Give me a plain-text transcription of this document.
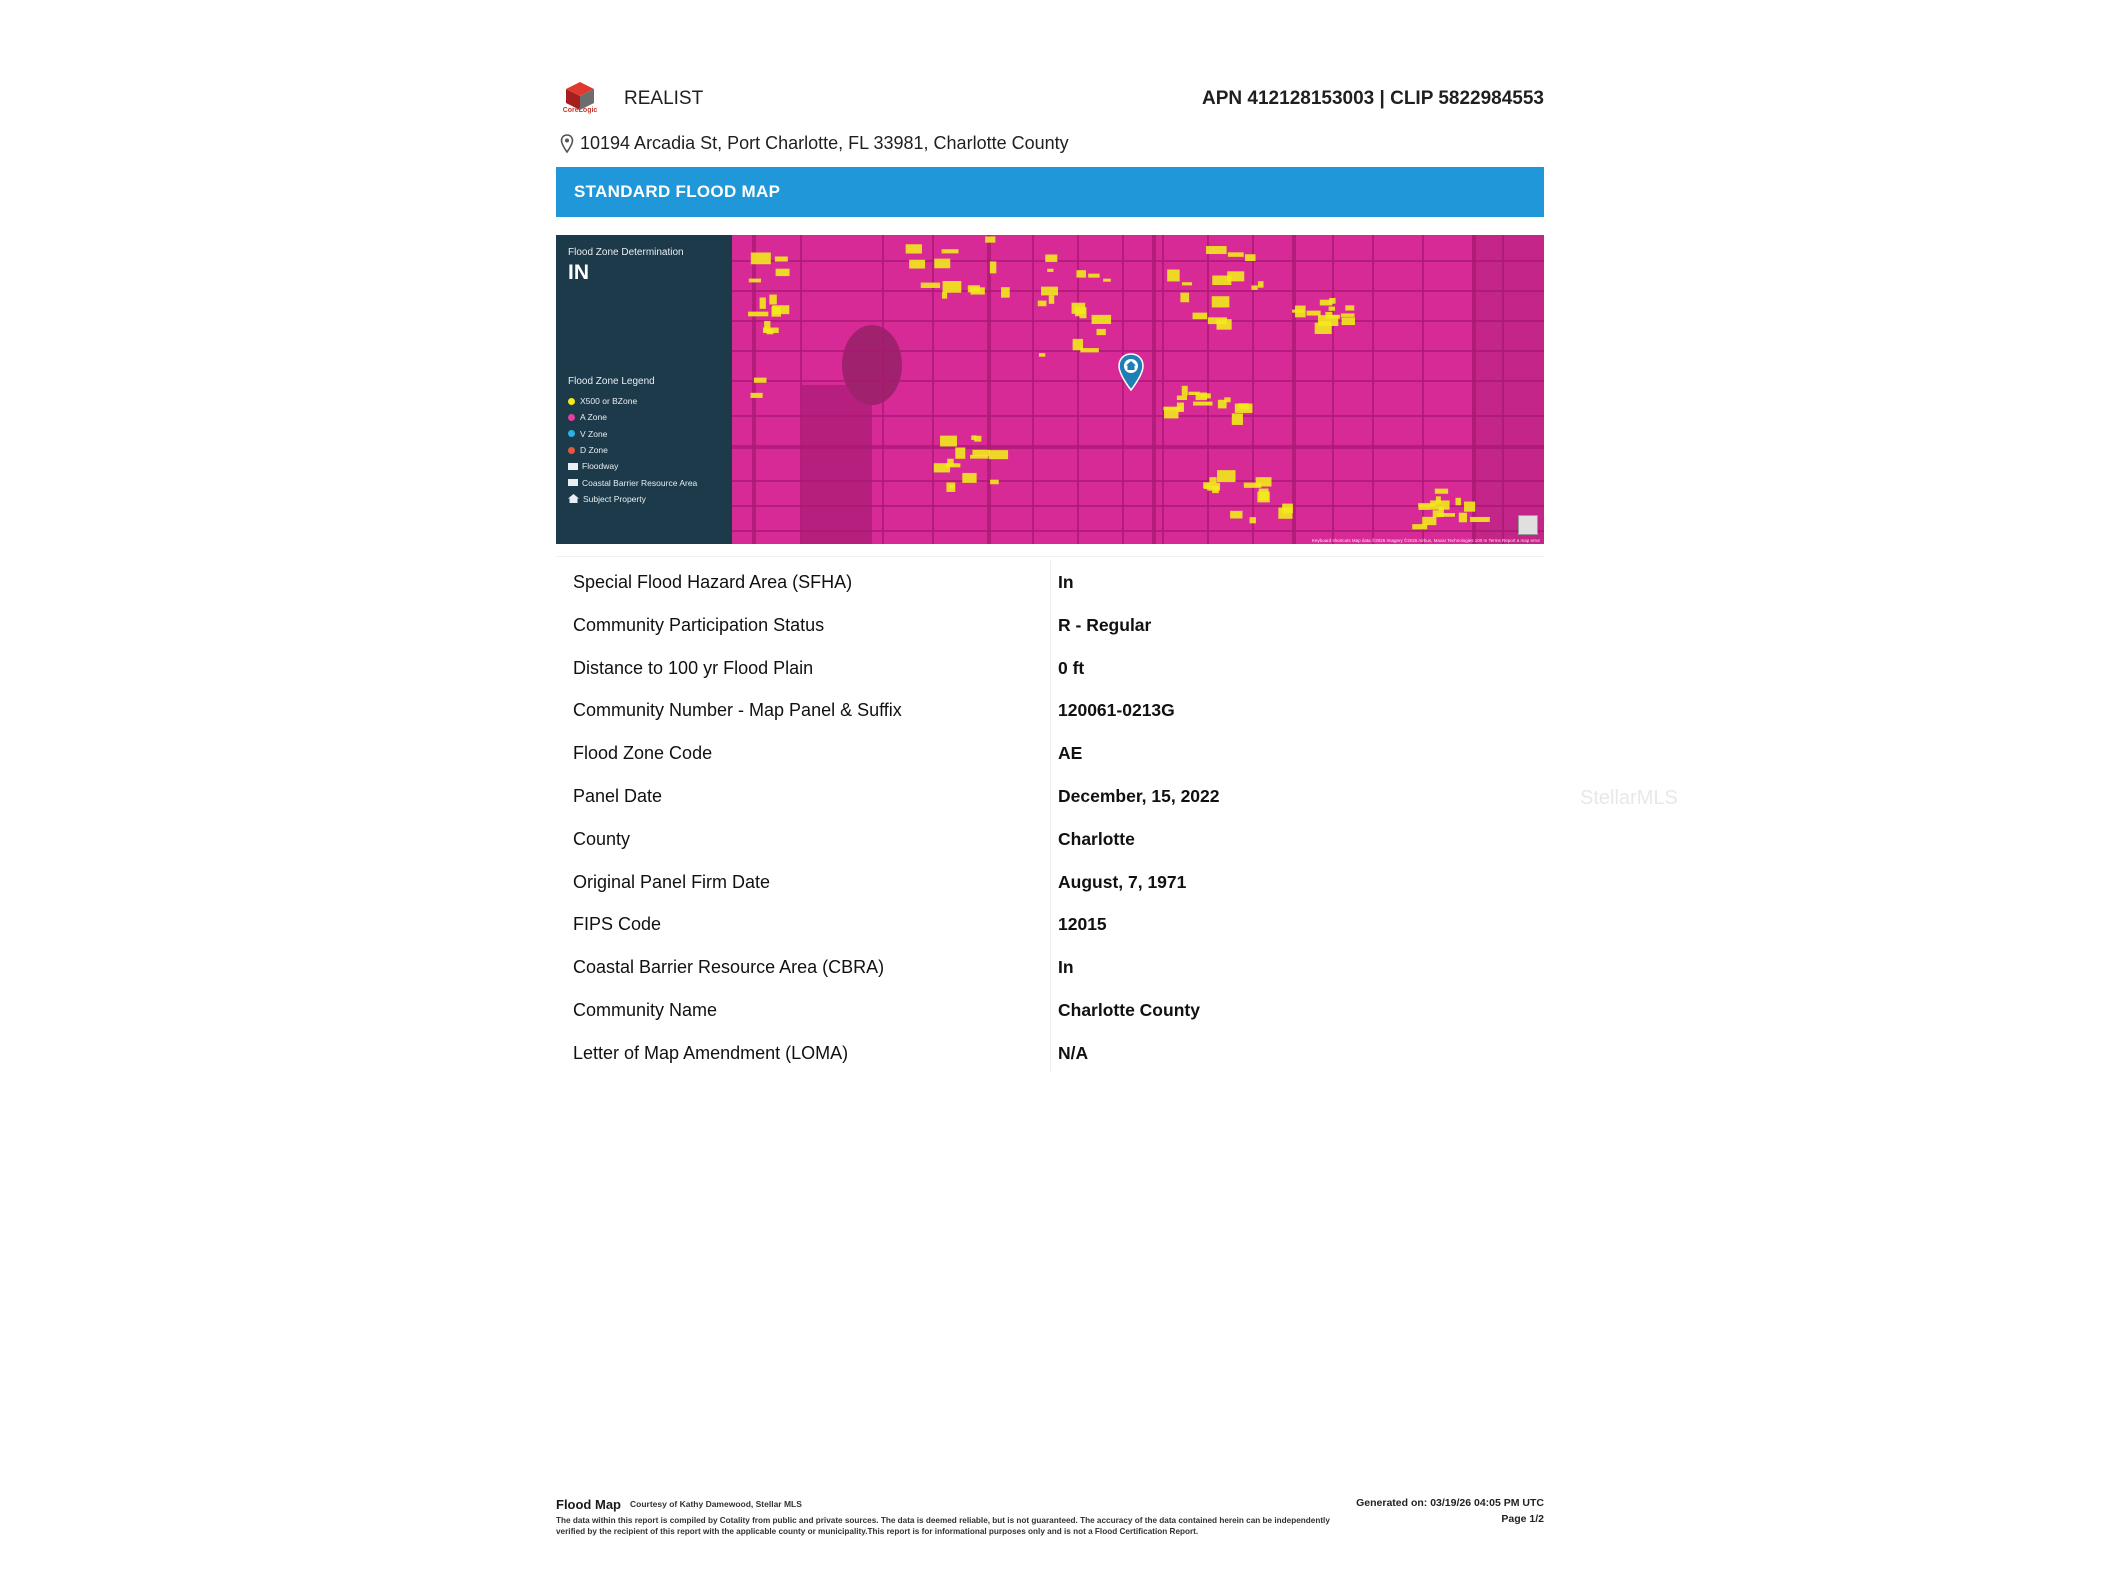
CoreLogic
REALIST	APN 412128153003 | CLIP 5822984553
10194 Arcadia St, Port Charlotte, FL 33981, Charlotte County
STANDARD FLOOD MAP
Flood Zone Determination
IN
Flood Zone Legend
X500 or BZone
A Zone
V Zone
D Zone
Floodway
Coastal Barrier Resource Area
Subject Property
Keyboard shortcuts Map data ©2026 Imagery ©2026 Airbus, Maxar Technologies 100 m Terms Report a map error
Special Flood Hazard Area (SFHA)	In
Community Participation Status	R - Regular
Distance to 100 yr Flood Plain	0 ft
Community Number - Map Panel & Suffix	120061-0213G
Flood Zone Code	AE
Panel Date	December, 15, 2022
County	Charlotte
Original Panel Firm Date	August, 7, 1971
FIPS Code	12015
Coastal Barrier Resource Area (CBRA)	In
Community Name	Charlotte County
Letter of Map Amendment (LOMA)	N/A
Flood Map Courtesy of Kathy Damewood, Stellar MLS
The data within this report is compiled by Cotality from public and private sources. The data is deemed reliable, but is not guaranteed. The accuracy of the data contained herein can be independently verified by the recipient of this report with the applicable county or municipality.This report is for informational purposes only and is not a Flood Certification Report.
Generated on: 03/19/26 04:05 PM UTC
Page 1/2
StellarMLS
